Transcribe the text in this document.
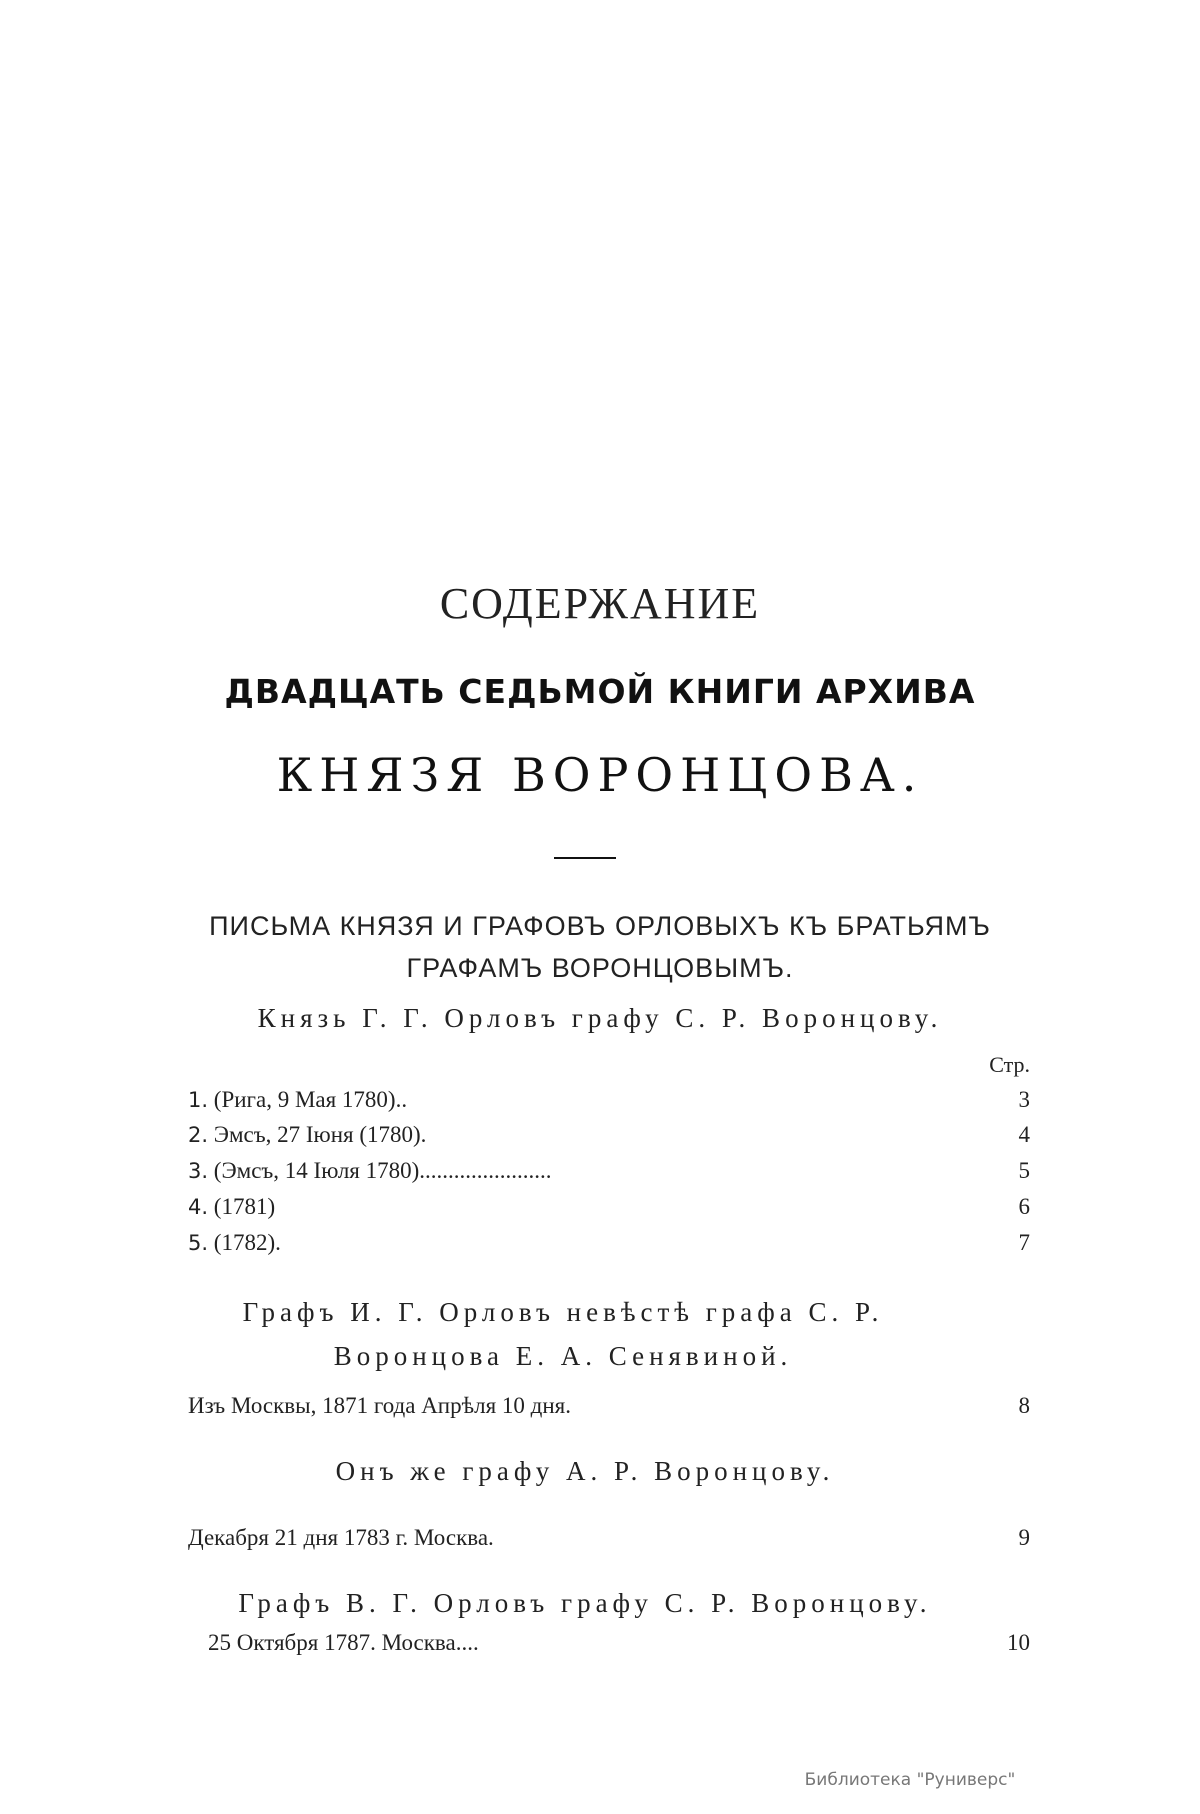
СОДЕРЖАНИЕ
ДВАДЦАТЬ СЕДЬМОЙ КНИГИ АРХИВА
КНЯЗЯ ВОРОНЦОВА.
ПИСЬМА КНЯЗЯ И ГРАФОВЪ ОРЛОВЫХЪ КЪ БРАТЬЯМЪ ГРАФАМЪ ВОРОНЦОВЫМЪ.
Князь Г. Г. Орловъ графу С. Р. Воронцову.
Стр.
1. (Рига, 9 Мая 1780)..	3
2. Эмсъ, 27 Іюня (1780).	4
3. (Эмсъ, 14 Іюля 1780).......................	5
4. (1781)	6
5. (1782).	7
Графъ И. Г. Орловъ невѣстѣ графа С. Р. Воронцова Е. А. Сенявиной.
Изъ Москвы, 1871 года Апрѣля 10 дня.	8
Онъ же графу А. Р. Воронцову.
Декабря 21 дня 1783 г. Москва.	9
Графъ В. Г. Орловъ графу С. Р. Воронцову.
25 Октября 1787. Москва....	10
Библиотека "Руниверс"
